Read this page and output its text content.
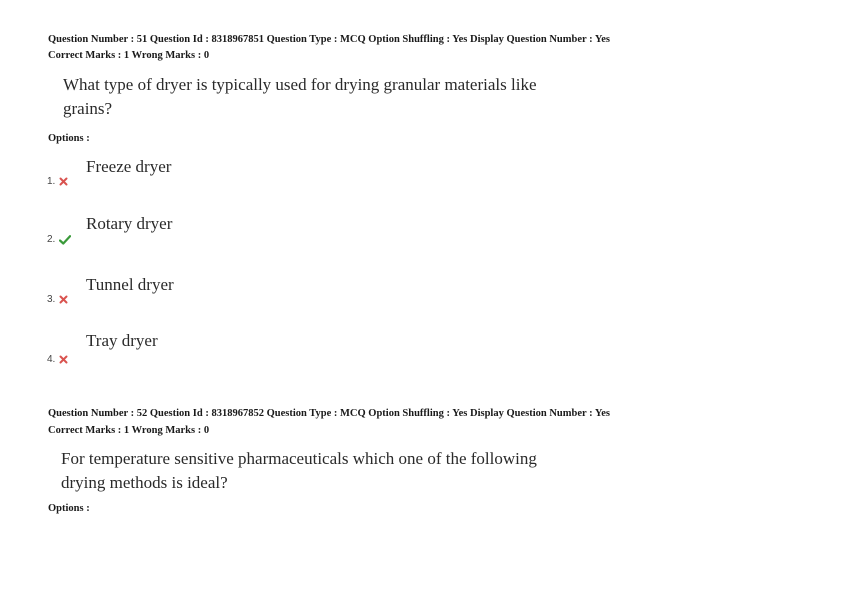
Question Number : 51 Question Id : 8318967851 Question Type : MCQ Option Shuffling : Yes Display Question Number : Yes
Correct Marks : 1 Wrong Marks : 0
What type of dryer is typically used for drying granular materials like
grains?
Options :
Freeze dryer
1.
Rotary dryer
2.
Tunnel dryer
3.
Tray dryer
4.
Question Number : 52 Question Id : 8318967852 Question Type : MCQ Option Shuffling : Yes Display Question Number : Yes
Correct Marks : 1 Wrong Marks : 0
For temperature sensitive pharmaceuticals which one of the following
drying methods is ideal?
Options :
